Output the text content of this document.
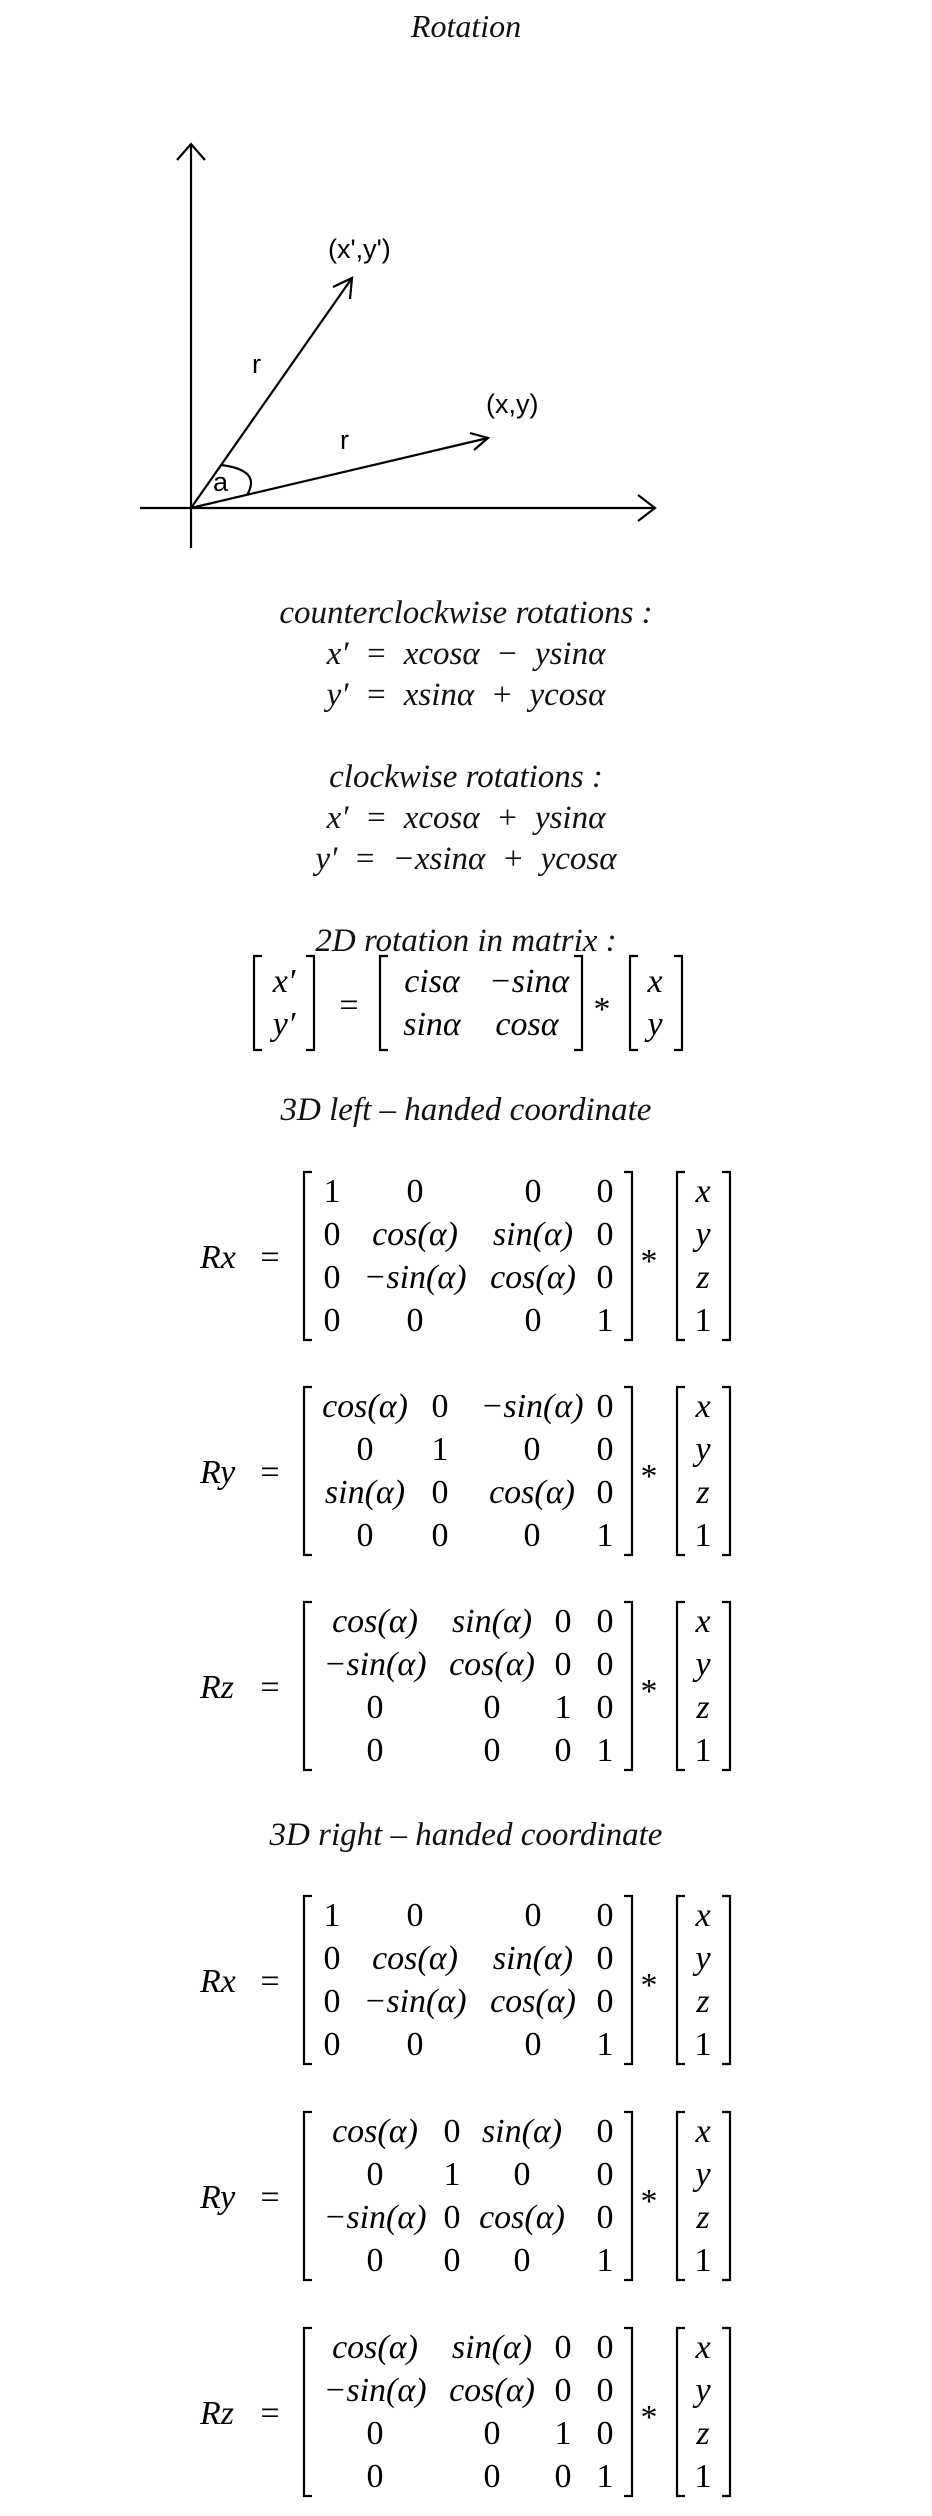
Rotation
(x',y')
(x,y)
r
r
a
counterclockwise rotations :
x′  =  xcosα  −  ysinα
y′  =  xsinα  +  ycosα
clockwise rotations :
x′  =  xcosα  +  ysinα
y′  =  −xsinα  +  ycosα
2D rotation in matrix :
x′
y′
=
cisα −sinα
sinα cosα *
x
y
3D left – handed coordinate
Rx =
1 0	0 0
0 cos(α) sin(α) 0
0 −sin(α) cos(α) 0
0 0	0 1
*
x
y
z
1
Ry =
cos(α) 0 −sin(α) 0
0 1 0 0
sin(α) 0 cos(α) 0
0 0 0 1
*
x
y
z
1
Rz =
cos(α) sin(α) 0 0
−sin(α) cos(α) 0 0
0	0 1 0
0	0 0 1
*
x
y
z
1
3D right – handed coordinate
Rx =
1 0	0 0
0 cos(α) sin(α) 0
0 −sin(α) cos(α) 0
0 0	0 1
*
x
y
z
1
Ry =
cos(α) 0 sin(α) 0
0 1 0 0
−sin(α) 0 cos(α) 0
0 0 0 1
*
x
y
z
1
Rz =
cos(α) sin(α) 0 0
−sin(α) cos(α) 0 0
0	0 1 0
0	0 0 1
*
x
y
z
1
